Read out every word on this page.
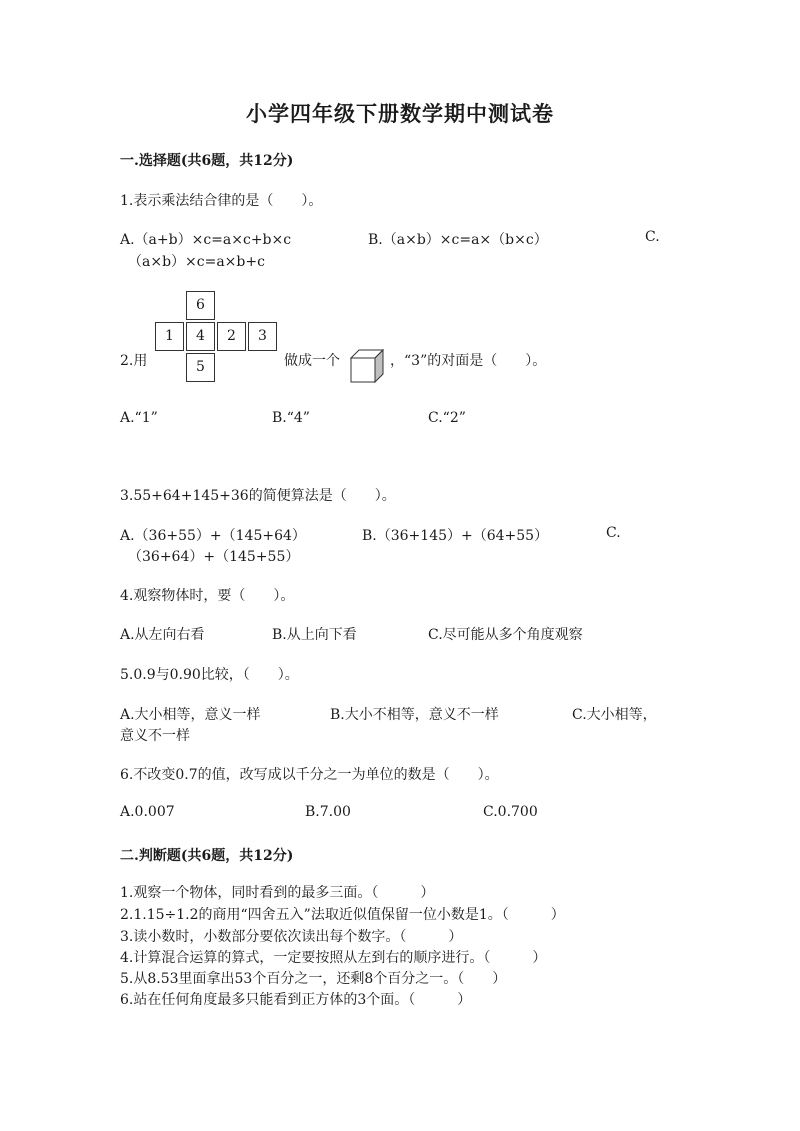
小学四年级下册数学期中测试卷
一.选择题(共6题，共12分)
1.表示乘法结合律的是（　　）。
A.（a+b）×c=a×c+b×c	B.（a×b）×c=a×（b×c）	C.
（a×b）×c=a×b+c
6
1	4	2	3
5
2.用	做成一个	，“3”的对面是（　　）。
A.“1”	B.“4”	C.“2”
3.55+64+145+36的简便算法是（　　）。
A.（36+55）+（145+64）	B.（36+145）+（64+55）	C.
（36+64）+（145+55）
4.观察物体时，要（　　）。
A.从左向右看	B.从上向下看	C.尽可能从多个角度观察
5.0.9与0.90比较，（　　）。
A.大小相等，意义一样	B.大小不相等，意义不一样	C.大小相等，
意义不一样
6.不改变0.7的值，改写成以千分之一为单位的数是（　　）。
A.0.007	B.7.00	C.0.700
二.判断题(共6题，共12分)
1.观察一个物体，同时看到的最多三面。（　　　）
2.1.15÷1.2的商用“四舍五入”法取近似值保留一位小数是1。（　　　）
3.读小数时，小数部分要依次读出每个数字。（　　　）
4.计算混合运算的算式，一定要按照从左到右的顺序进行。（　　　）
5.从8.53里面拿出53个百分之一，还剩8个百分之一。（　　）
6.站在任何角度最多只能看到正方体的3个面。（　　　）
